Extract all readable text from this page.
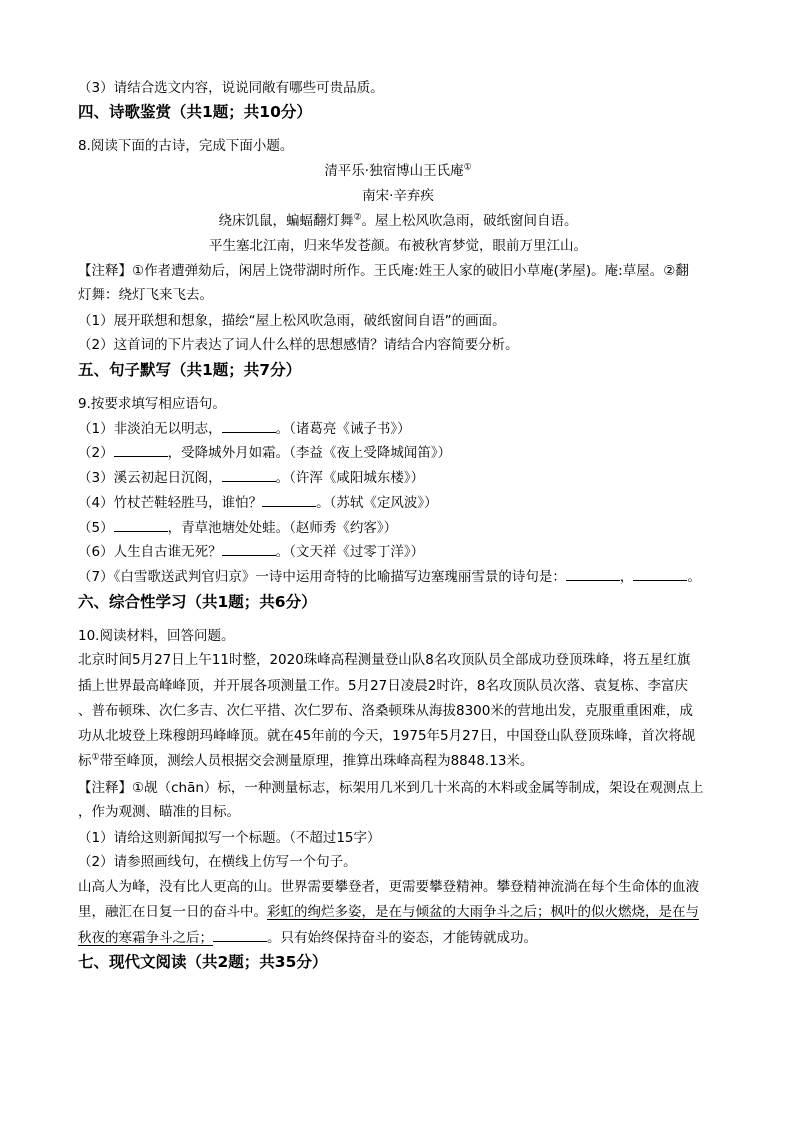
（3）请结合选文内容，说说同敞有哪些可贵品质。
四、诗歌鉴赏（共1题；共10分）
8.阅读下面的古诗，完成下面小题。
清平乐·独宿博山王氏庵①
南宋·辛弃疾
绕床饥鼠，蝙蝠翻灯舞②。屋上松风吹急雨，破纸窗间自语。
平生塞北江南，归来华发苍颜。布被秋宵梦觉，眼前万里江山。
【注释】①作者遭弹劾后，闲居上饶带湖时所作。王氏庵:姓王人家的破旧小草庵(茅屋)。庵:草屋。②翻
灯舞：绕灯飞来飞去。
（1）展开联想和想象，描绘“屋上松风吹急雨，破纸窗间自语”的画面。
（2）这首词的下片表达了词人什么样的思想感情？请结合内容简要分析。
五、句子默写（共1题；共7分）
9.按要求填写相应语句。
（1）非淡泊无以明志，	。（诸葛亮《诫子书》）
（2）	，受降城外月如霜。（李益《夜上受降城闻笛》）
（3）溪云初起日沉阁，	。（许浑《咸阳城东楼》）
（4）竹杖芒鞋轻胜马，谁怕？	。（苏轼《定风波》）
（5）	，青草池塘处处蛙。（赵师秀《约客》）
（6）人生自古谁无死？	。（文天祥《过零丁洋》）
（7）《白雪歌送武判官归京》一诗中运用奇特的比喻描写边塞瑰丽雪景的诗句是：	，	。
六、综合性学习（共1题；共6分）
10.阅读材料，回答问题。
北京时间5月27日上午11时整，2020珠峰高程测量登山队8名攻顶队员全部成功登顶珠峰，将五星红旗
插上世界最高峰峰顶，并开展各项测量工作。5月27日凌晨2时许，8名攻顶队员次落、袁复栋、李富庆
、普布顿珠、次仁多吉、次仁平措、次仁罗布、洛桑顿珠从海拔8300米的营地出发，克服重重困难，成
功从北坡登上珠穆朗玛峰峰顶。就在45年前的今天，1975年5月27日，中国登山队登顶珠峰，首次将觇
标①带至峰顶，测绘人员根据交会测量原理，推算出珠峰高程为8848.13米。
【注释】①觇（chān）标，一种测量标志，标架用几米到几十米高的木料或金属等制成，架设在观测点上
，作为观测、瞄准的目标。
（1）请给这则新闻拟写一个标题。（不超过15字）
（2）请参照画线句，在横线上仿写一个句子。
山高人为峰，没有比人更高的山。世界需要攀登者，更需要攀登精神。攀登精神流淌在每个生命体的血液
里，融汇在日复一日的奋斗中。彩虹的绚烂多姿，是在与倾盆的大雨争斗之后；枫叶的似火燃烧，是在与
秋夜的寒霜争斗之后；	。只有始终保持奋斗的姿态，才能铸就成功。
七、现代文阅读（共2题；共35分）
